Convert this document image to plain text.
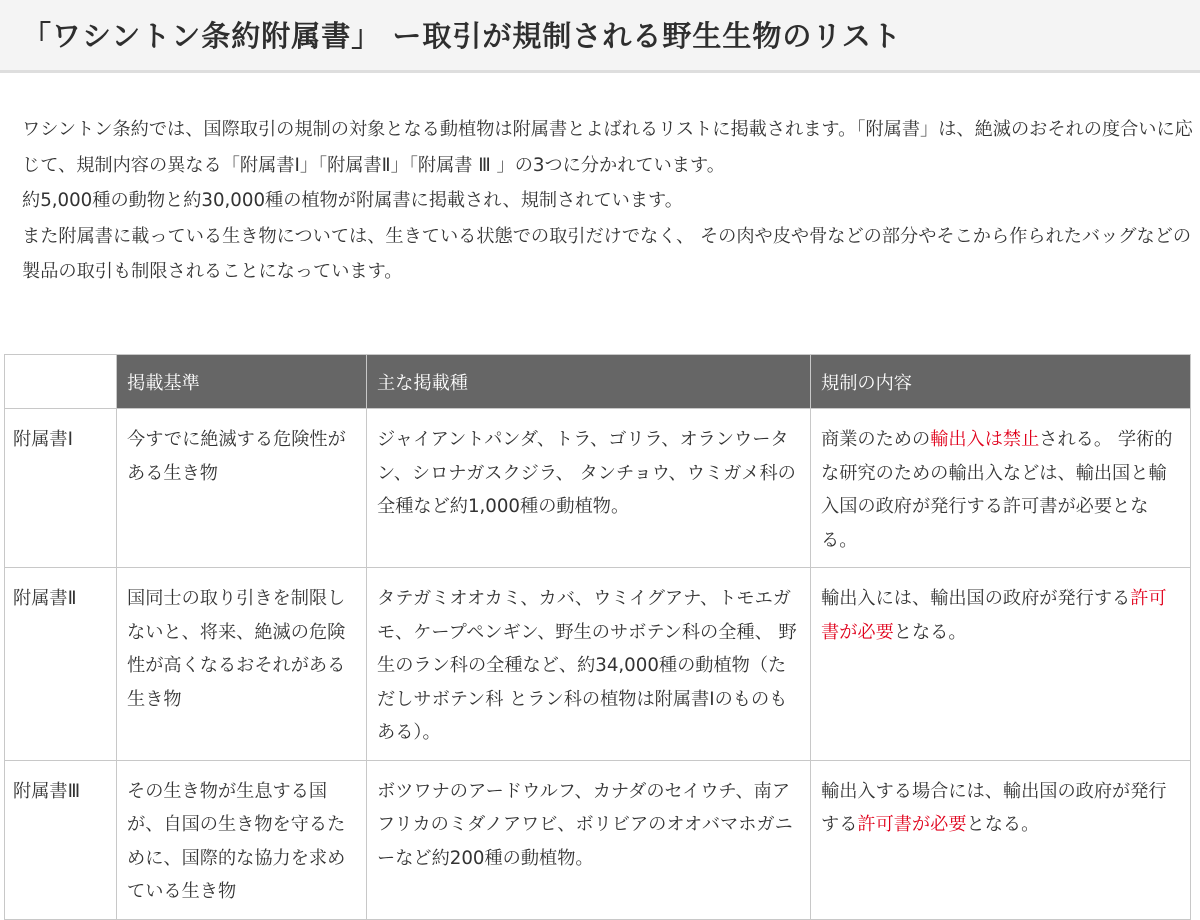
「ワシントン条約附属書」 ー取引が規制される野生生物のリスト

ワシントン条約では、国際取引の規制の対象となる動植物は附属書とよばれるリストに掲載されます。「附属書」は、絶滅のおそれの度合いに応じて、規制内容の異なる「附属書Ⅰ」「附属書Ⅱ」「附属書 Ⅲ 」の3つに分かれています。

約5,000種の動物と約30,000種の植物が附属書に掲載され、規制されています。

また附属書に載っている生き物については、生きている状態での取引だけでなく、 その肉や皮や骨などの部分やそこから作られたバッグなどの製品の取引も制限されることになっています。

	掲載基準	主な掲載種	規制の内容
附属書Ⅰ	今すでに絶滅する危険性がある生き物	ジャイアントパンダ、トラ、ゴリラ、オランウータン、シロナガスクジラ、 タンチョウ、ウミガメ科の全種など約1,000種の動植物。	商業のための輸出入は禁止される。 学術的な研究のための輸出入などは、輸出国と輸入国の政府が発行する許可書が必要となる。
附属書Ⅱ	国同士の取り引きを制限しないと、将来、絶滅の危険性が高くなるおそれがある生き物	タテガミオオカミ、カバ、ウミイグアナ、トモエガモ、ケープペンギン、野生のサボテン科の全種、 野生のラン科の全種など、約34,000種の動植物（ただしサボテン科 とラン科の植物は附属書Ⅰのものもある）。	輸出入には、輸出国の政府が発行する許可書が必要となる。
附属書Ⅲ	その生き物が生息する国が、自国の生き物を守るために、国際的な協力を求めている生き物	ボツワナのアードウルフ、カナダのセイウチ、南アフリカのミダノアワビ、ボリビアのオオバマホガニーなど約200種の動植物。	輸出入する場合には、輸出国の政府が発行する許可書が必要となる。
